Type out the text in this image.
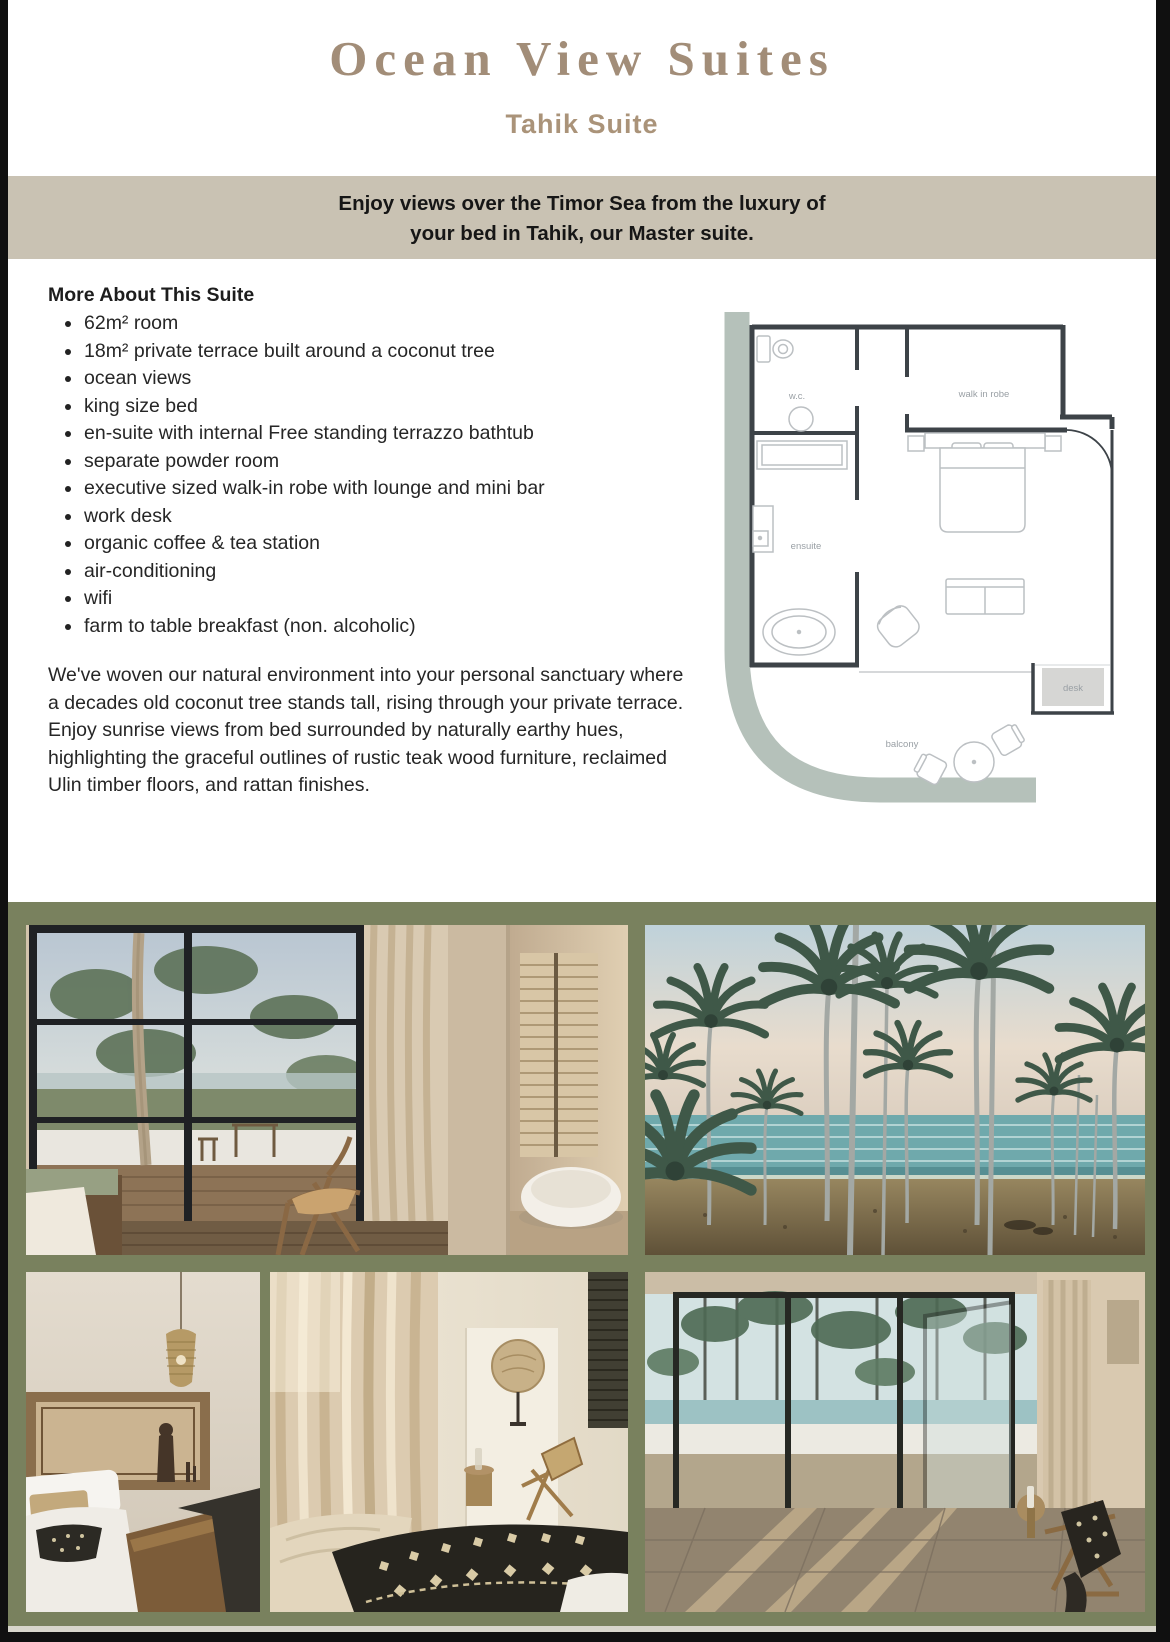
Ocean View Suites
Tahik Suite
Enjoy views over the Timor Sea from the luxury of
your bed in Tahik, our Master suite.
More About This Suite
62m² room
18m² private terrace built around a coconut tree
ocean views
king size bed
en-suite with internal Free standing terrazzo bathtub
separate powder room
executive sized walk-in robe with lounge and mini bar
work desk
organic coffee & tea station
air-conditioning
wifi
farm to table breakfast (non. alcoholic)

We've woven our natural environment into your personal sanctuary where a decades old coconut tree stands tall, rising through your private terrace. Enjoy sunrise views from bed surrounded by naturally earthy hues, highlighting the graceful outlines of rustic teak wood furniture, reclaimed Ulin timber floors, and rattan finishes.

w.c.	walk in robe
ensuite
desk
balcony
